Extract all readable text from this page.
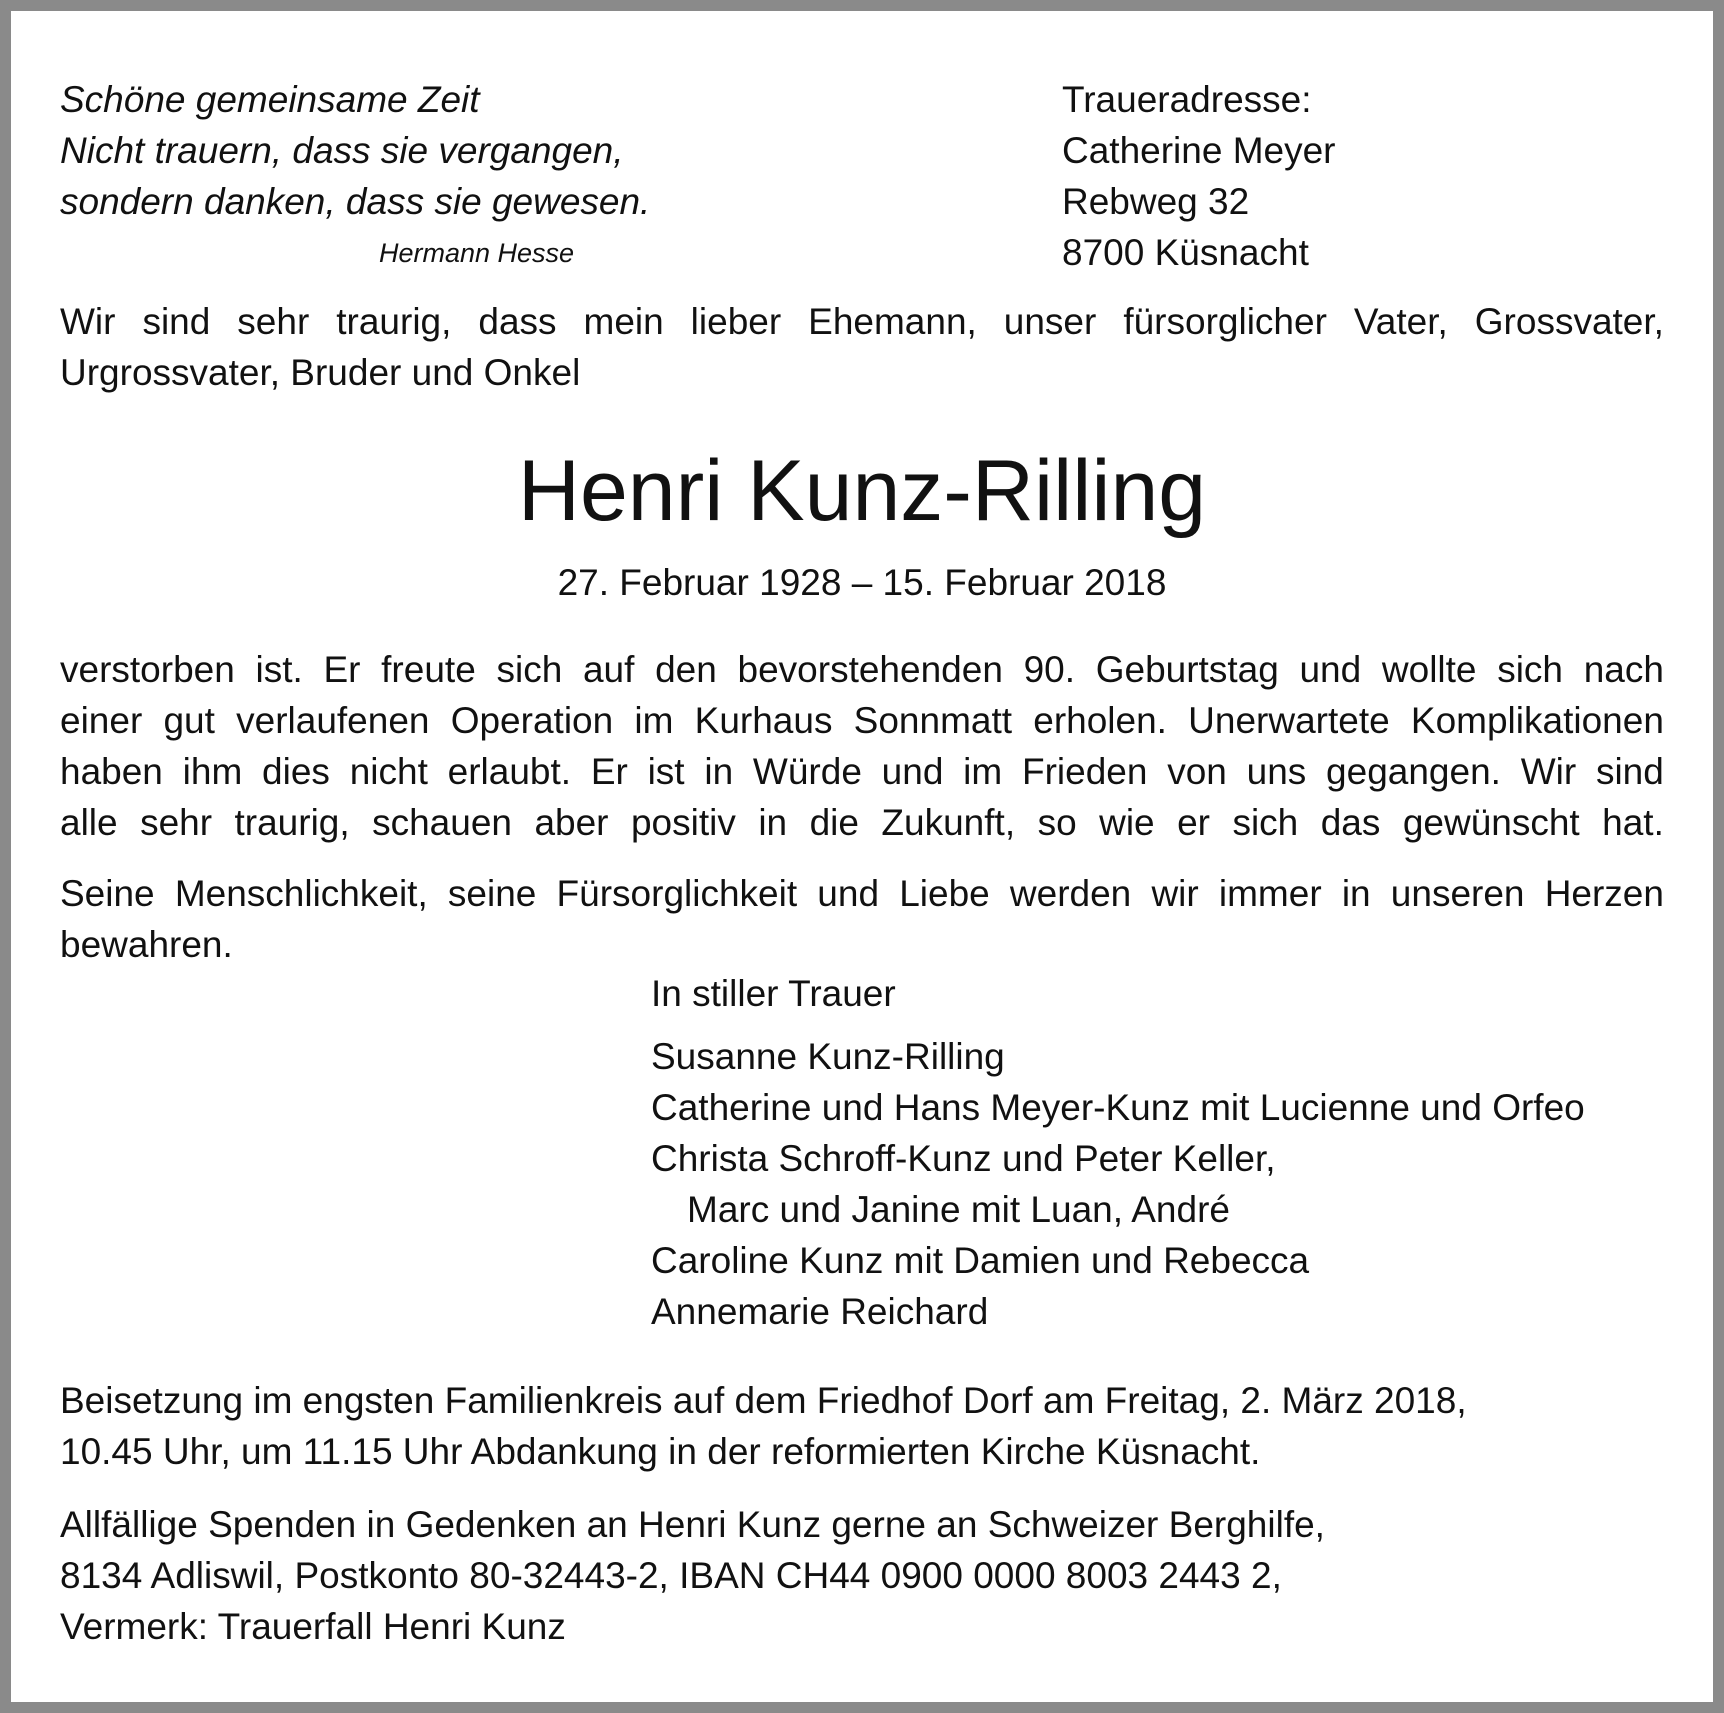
Schöne gemeinsame Zeit
Nicht trauern, dass sie vergangen,
sondern danken, dass sie gewesen.
Hermann Hesse
Traueradresse:
Catherine Meyer
Rebweg 32
8700 Küsnacht
Wir sind sehr traurig, dass mein lieber Ehemann, unser fürsorglicher Vater, Grossvater,
Urgrossvater, Bruder und Onkel
Henri Kunz-Rilling
27. Februar 1928 – 15. Februar 2018
verstorben ist. Er freute sich auf den bevorstehenden 90. Geburtstag und wollte sich nach
einer gut verlaufenen Operation im Kurhaus Sonnmatt erholen. Unerwartete Komplikationen
haben ihm dies nicht erlaubt. Er ist in Würde und im Frieden von uns gegangen. Wir sind
alle sehr traurig, schauen aber positiv in die Zukunft, so wie er sich das gewünscht hat.
Seine Menschlichkeit, seine Fürsorglichkeit und Liebe werden wir immer in unseren Herzen
bewahren.
In stiller Trauer
Susanne Kunz-Rilling
Catherine und Hans Meyer-Kunz mit Lucienne und Orfeo
Christa Schroff-Kunz und Peter Keller,
Marc und Janine mit Luan, André
Caroline Kunz mit Damien und Rebecca
Annemarie Reichard
Beisetzung im engsten Familienkreis auf dem Friedhof Dorf am Freitag, 2. März 2018,
10.45 Uhr, um 11.15 Uhr Abdankung in der reformierten Kirche Küsnacht.
Allfällige Spenden in Gedenken an Henri Kunz gerne an Schweizer Berghilfe,
8134 Adliswil, Postkonto 80-32443-2, IBAN CH44 0900 0000 8003 2443 2,
Vermerk: Trauerfall Henri Kunz
